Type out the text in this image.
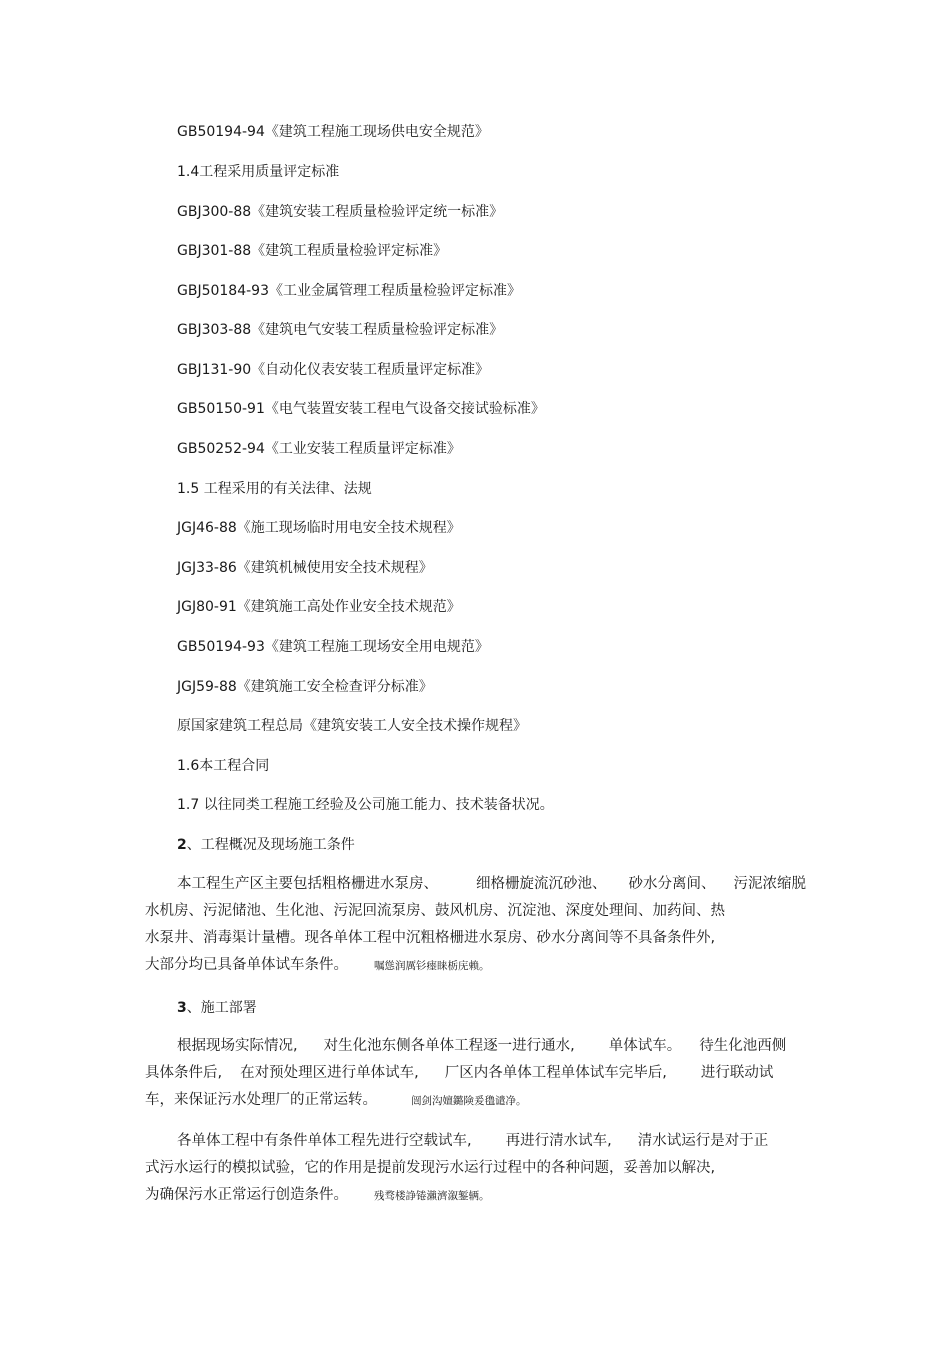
GB50194-94《建筑工程施工现场供电安全规范》
1.4工程采用质量评定标准
GBJ300-88《建筑安装工程质量检验评定统一标准》
GBJ301-88《建筑工程质量检验评定标准》
GBJ50184-93《工业金属管理工程质量检验评定标准》
GBJ303-88《建筑电气安装工程质量检验评定标准》
GBJ131-90《自动化仪表安装工程质量评定标准》
GB50150-91《电气装置安装工程电气设备交接试验标准》
GB50252-94《工业安装工程质量评定标准》
1.5 工程采用的有关法律、法规
JGJ46-88《施工现场临时用电安全技术规程》
JGJ33-86《建筑机械使用安全技术规程》
JGJ80-91《建筑施工高处作业安全技术规范》
GB50194-93《建筑工程施工现场安全用电规范》
JGJ59-88《建筑施工安全检查评分标准》
原国家建筑工程总局《建筑安装工人安全技术操作规程》
1.6本工程合同
1.7 以往同类工程施工经验及公司施工能力、技术装备状况。
2、工程概况及现场施工条件
本工程生产区主要包括粗格栅进水泵房、	细格栅旋流沉砂池、 砂水分离间、 污泥浓缩脱
水机房、污泥储池、生化池、污泥回流泵房、鼓风机房、沉淀池、深度处理间、加药间、热
水泵井、消毒渠计量槽。现各单体工程中沉粗格栅进水泵房、砂水分离间等不具备条件外,
大部分均已具备单体试车条件。 嘱慫润厲钐瘗睐栃庑赖。
3、施工部署
根据现场实际情况, 对生化池东侧各单体工程逐一进行通水, 单体试车。 待生化池西侧
具体条件后, 在对预处理区进行单体试车, 厂区内各单体工程单体试车完毕后, 进行联动试
车，来保证污水处理厂的正常运转。	闿剑沟嬗鏴険爰氇谴净。
各单体工程中有条件单体工程先进行空载试车, 再进行清水试车, 清水试运行是对于正
式污水运行的模拟试验，它的作用是提前发现污水运行过程中的各种问题，妥善加以解决,
为确保污水正常运行创造条件。 残骛楼諍锩瀨濟溆錾辆。
